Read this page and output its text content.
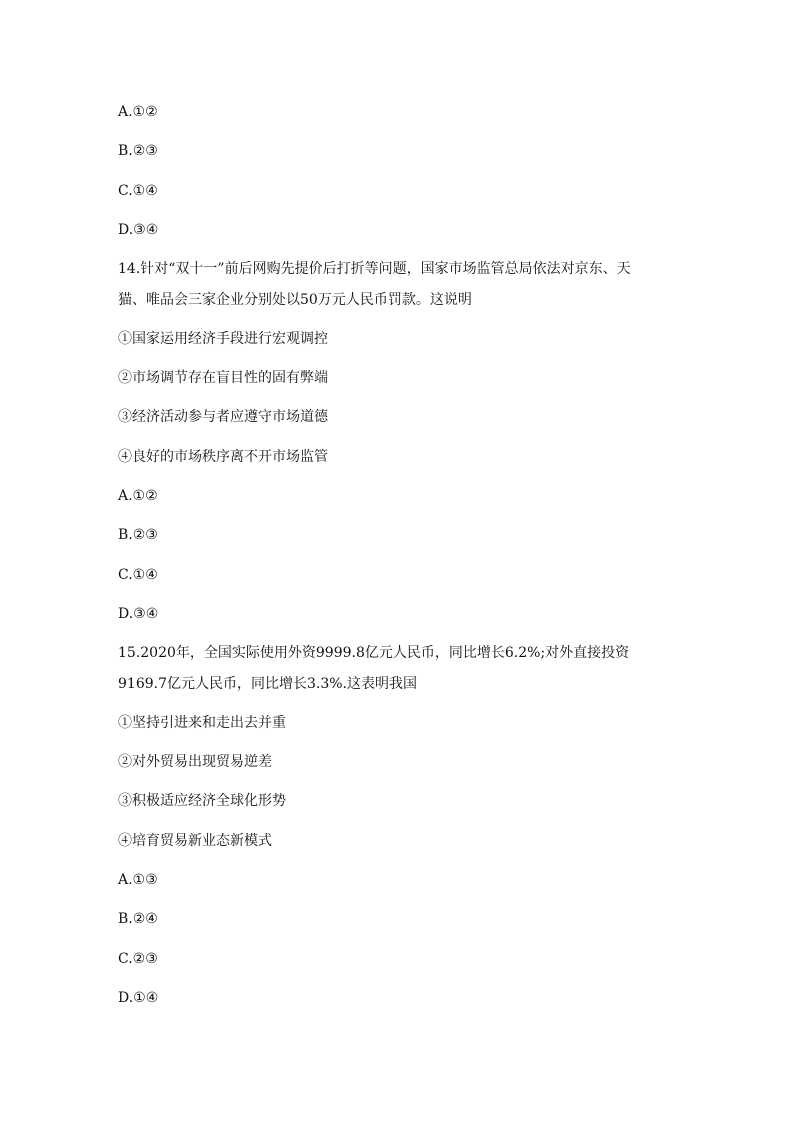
A.①②
B.②③
C.①④
D.③④
14.针对“双十一”前后网购先提价后打折等问题，国家市场监管总局依法对京东、天
猫、唯品会三家企业分别处以50万元人民币罚款。这说明
①国家运用经济手段进行宏观调控
②市场调节存在盲目性的固有弊端
③经济活动参与者应遵守市场道德
④良好的市场秩序离不开市场监管
A.①②
B.②③
C.①④
D.③④
15.2020年，全国实际使用外资9999.8亿元人民币，同比增长6.2%;对外直接投资
9169.7亿元人民币，同比增长3.3%.这表明我国
①坚持引进来和走出去并重
②对外贸易出现贸易逆差
③积极适应经济全球化形势
④培育贸易新业态新模式
A.①③
B.②④
C.②③
D.①④
